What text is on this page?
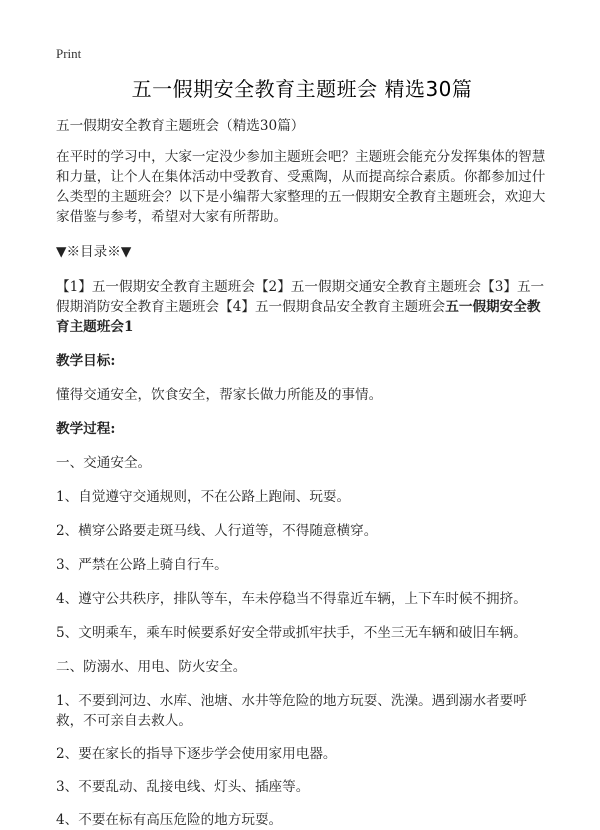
Print
五一假期安全教育主题班会 精选30篇

五一假期安全教育主题班会（精选30篇）

在平时的学习中，大家一定没少参加主题班会吧？主题班会能充分发挥集体的智慧和力量，让个人在集体活动中受教育、受熏陶，从而提高综合素质。你都参加过什么类型的主题班会？以下是小编帮大家整理的五一假期安全教育主题班会，欢迎大家借鉴与参考，希望对大家有所帮助。

▼※目录※▼

【1】五一假期安全教育主题班会【2】五一假期交通安全教育主题班会【3】五一假期消防安全教育主题班会【4】五一假期食品安全教育主题班会五一假期安全教育主题班会1

教学目标:

懂得交通安全，饮食安全，帮家长做力所能及的事情。

教学过程:

一、交通安全。

1、自觉遵守交通规则，不在公路上跑闹、玩耍。

2、横穿公路要走斑马线、人行道等，不得随意横穿。

3、严禁在公路上骑自行车。

4、遵守公共秩序，排队等车，车未停稳当不得靠近车辆，上下车时候不拥挤。

5、文明乘车，乘车时候要系好安全带或抓牢扶手，不坐三无车辆和破旧车辆。

二、防溺水、用电、防火安全。

1、不要到河边、水库、池塘、水井等危险的地方玩耍、洗澡。遇到溺水者要呼救，不可亲自去救人。

2、要在家长的指导下逐步学会使用家用电器。

3、不要乱动、乱接电线、灯头、插座等。

4、不要在标有高压危险的地方玩耍。
